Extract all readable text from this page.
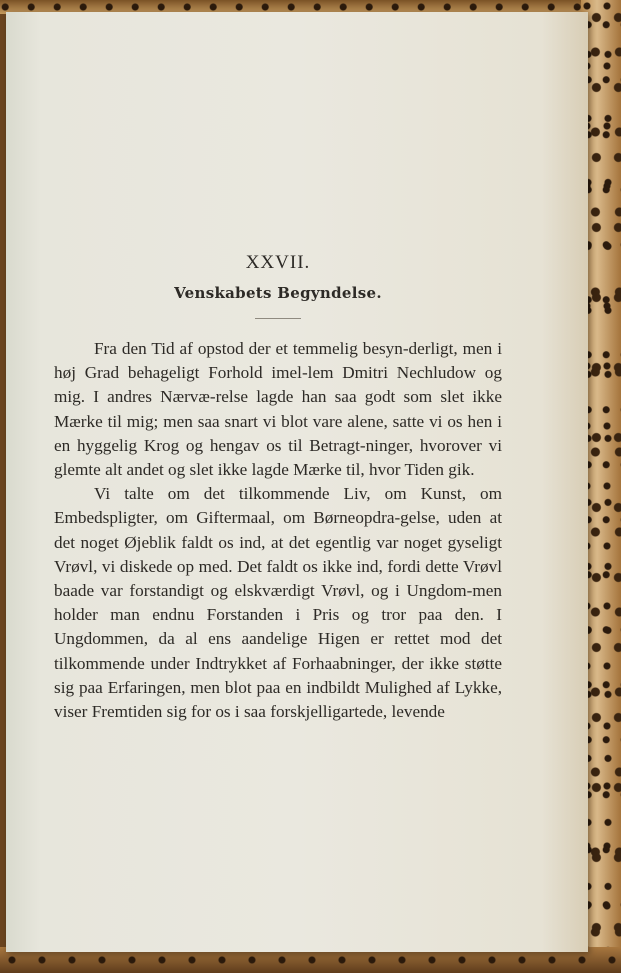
XXVII.
Venskabets Begyndelse.

Fra den Tid af opstod der et temmelig besyn-derligt, men i høj Grad behageligt Forhold imel-lem Dmitri Nechludow og mig. I andres Nærvæ-relse lagde han saa godt som slet ikke Mærke til mig; men saa snart vi blot vare alene, satte vi os hen i en hyggelig Krog og hengav os til Betragt-ninger, hvorover vi glemte alt andet og slet ikke lagde Mærke til, hvor Tiden gik.

Vi talte om det tilkommende Liv, om Kunst, om Embedspligter, om Giftermaal, om Børneopdra-gelse, uden at det noget Øjeblik faldt os ind, at det egentlig var noget gyseligt Vrøvl, vi diskede op med. Det faldt os ikke ind, fordi dette Vrøvl baade var forstandigt og elskværdigt Vrøvl, og i Ungdom-men holder man endnu Forstanden i Pris og tror paa den. I Ungdommen, da al ens aandelige Higen er rettet mod det tilkommende under Indtrykket af Forhaabninger, der ikke støtte sig paa Erfaringen, men blot paa en indbildt Mulighed af Lykke, viser Fremtiden sig for os i saa forskjelligartede, levende
